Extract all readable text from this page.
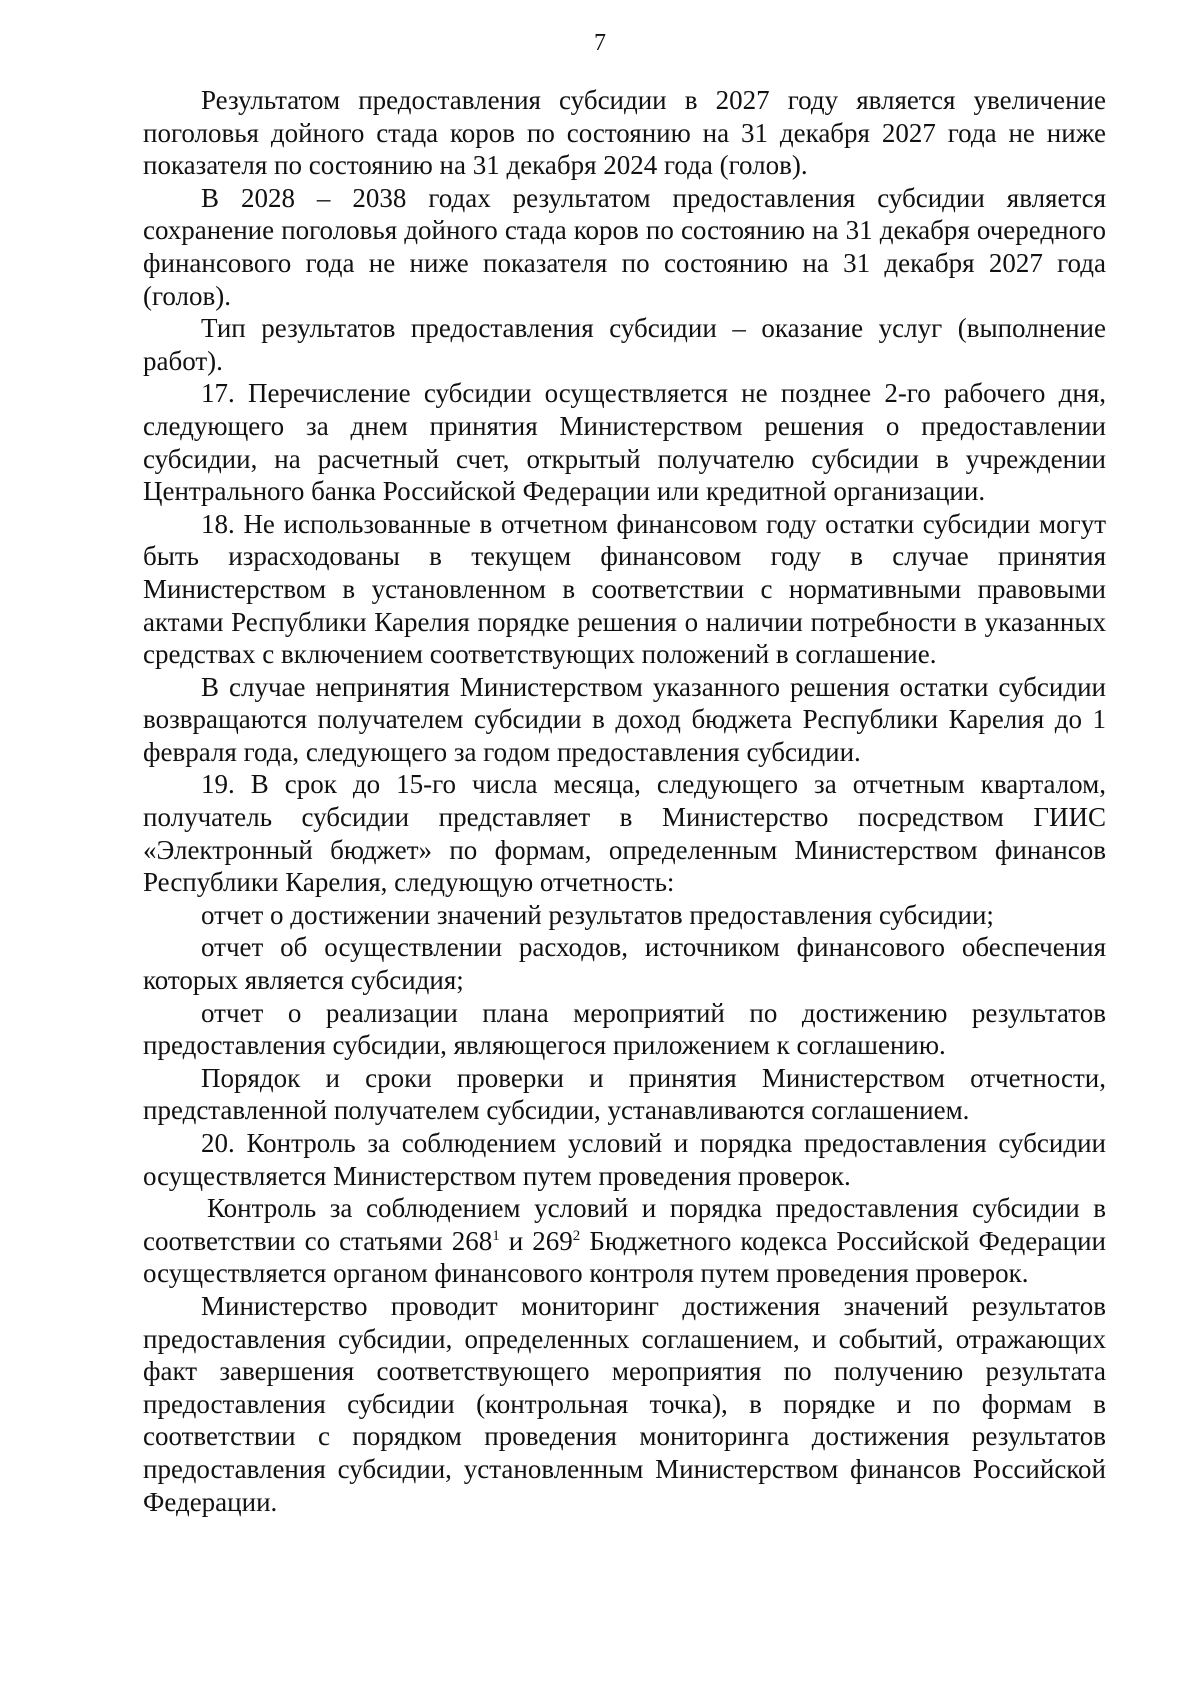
7

Результатом предоставления субсидии в 2027 году является увеличение поголовья дойного стада коров по состоянию на 31 декабря 2027 года не ниже показателя по состоянию на 31 декабря 2024 года (голов).

В 2028 – 2038 годах результатом предоставления субсидии является сохранение поголовья дойного стада коров по состоянию на 31 декабря очередного финансового года не ниже показателя по состоянию на 31 декабря 2027 года (голов).

Тип результатов предоставления субсидии – оказание услуг (выполнение работ).

17. Перечисление субсидии осуществляется не позднее 2-го рабочего дня, следующего за днем принятия Министерством решения о предоставлении субсидии, на расчетный счет, открытый получателю субсидии в учреждении Центрального банка Российской Федерации или кредитной организации.

18. Не использованные в отчетном финансовом году остатки субсидии могут быть израсходованы в текущем финансовом году в случае принятия Министерством в установленном в соответствии с нормативными правовыми актами Республики Карелия порядке решения о наличии потребности в указанных средствах с включением соответствующих положений в соглашение.

В случае непринятия Министерством указанного решения остатки субсидии возвращаются получателем субсидии в доход бюджета Республики Карелия до 1 февраля года, следующего за годом предоставления субсидии.

19. В срок до 15-го числа месяца, следующего за отчетным кварталом, получатель субсидии представляет в Министерство посредством ГИИС «Электронный бюджет» по формам, определенным Министерством финансов Республики Карелия, следующую отчетность:

отчет о достижении значений результатов предоставления субсидии;

отчет об осуществлении расходов, источником финансового обеспечения которых является субсидия;

отчет о реализации плана мероприятий по достижению результатов предоставления субсидии, являющегося приложением к соглашению.

Порядок и сроки проверки и принятия Министерством отчетности, представленной получателем субсидии, устанавливаются соглашением.

20. Контроль за соблюдением условий и порядка предоставления субсидии осуществляется Министерством путем проведения проверок.

Контроль за соблюдением условий и порядка предоставления субсидии в соответствии со статьями $268^1$ и $269^2$ Бюджетного кодекса Российской Федерации осуществляется органом финансового контроля путем проведения проверок.

Министерство проводит мониторинг достижения значений результатов предоставления субсидии, определенных соглашением, и событий, отражающих факт завершения соответствующего мероприятия по получению результата предоставления субсидии (контрольная точка), в порядке и по формам в соответствии с порядком проведения мониторинга достижения результатов предоставления субсидии, установленным Министерством финансов Российской Федерации.
